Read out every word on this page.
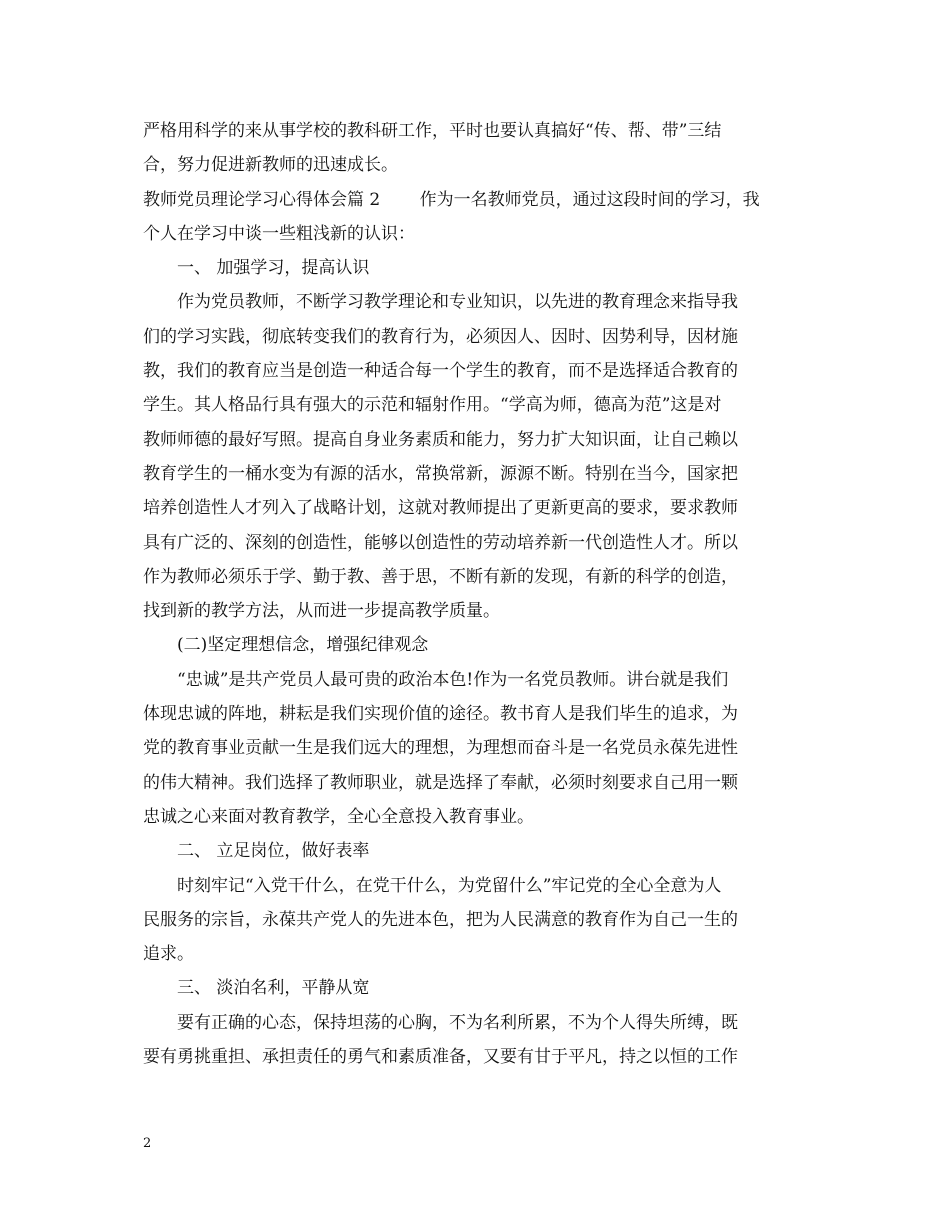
严格用科学的来从事学校的教科研工作，平时也要认真搞好“传、帮、带”三结
合，努力促进新教师的迅速成长。
教师党员理论学习心得体会篇 2　　 作为一名教师党员，通过这段时间的学习，我
个人在学习中谈一些粗浅新的认识：
一、 加强学习，提高认识
作为党员教师，不断学习教学理论和专业知识，以先进的教育理念来指导我
们的学习实践，彻底转变我们的教育行为，必须因人、因时、因势利导，因材施
教，我们的教育应当是创造一种适合每一个学生的教育，而不是选择适合教育的
学生。其人格品行具有强大的示范和辐射作用。“学高为师，德高为范”这是对
教师师德的最好写照。提高自身业务素质和能力，努力扩大知识面，让自己赖以
教育学生的一桶水变为有源的活水，常换常新，源源不断。特别在当今，国家把
培养创造性人才列入了战略计划，这就对教师提出了更新更高的要求，要求教师
具有广泛的、深刻的创造性，能够以创造性的劳动培养新一代创造性人才。所以
作为教师必须乐于学、勤于教、善于思，不断有新的发现，有新的科学的创造，
找到新的教学方法，从而进一步提高教学质量。
(二)坚定理想信念，增强纪律观念
“忠诚”是共产党员人最可贵的政治本色!作为一名党员教师。讲台就是我们
体现忠诚的阵地，耕耘是我们实现价值的途径。教书育人是我们毕生的追求，为
党的教育事业贡献一生是我们远大的理想，为理想而奋斗是一名党员永葆先进性
的伟大精神。我们选择了教师职业，就是选择了奉献，必须时刻要求自己用一颗
忠诚之心来面对教育教学，全心全意投入教育事业。
二、 立足岗位，做好表率
时刻牢记“入党干什么，在党干什么，为党留什么”牢记党的全心全意为人
民服务的宗旨，永葆共产党人的先进本色，把为人民满意的教育作为自己一生的
追求。
三、 淡泊名利，平静从宽
要有正确的心态，保持坦荡的心胸，不为名利所累，不为个人得失所缚，既
要有勇挑重担、承担责任的勇气和素质准备，又要有甘于平凡，持之以恒的工作
2
